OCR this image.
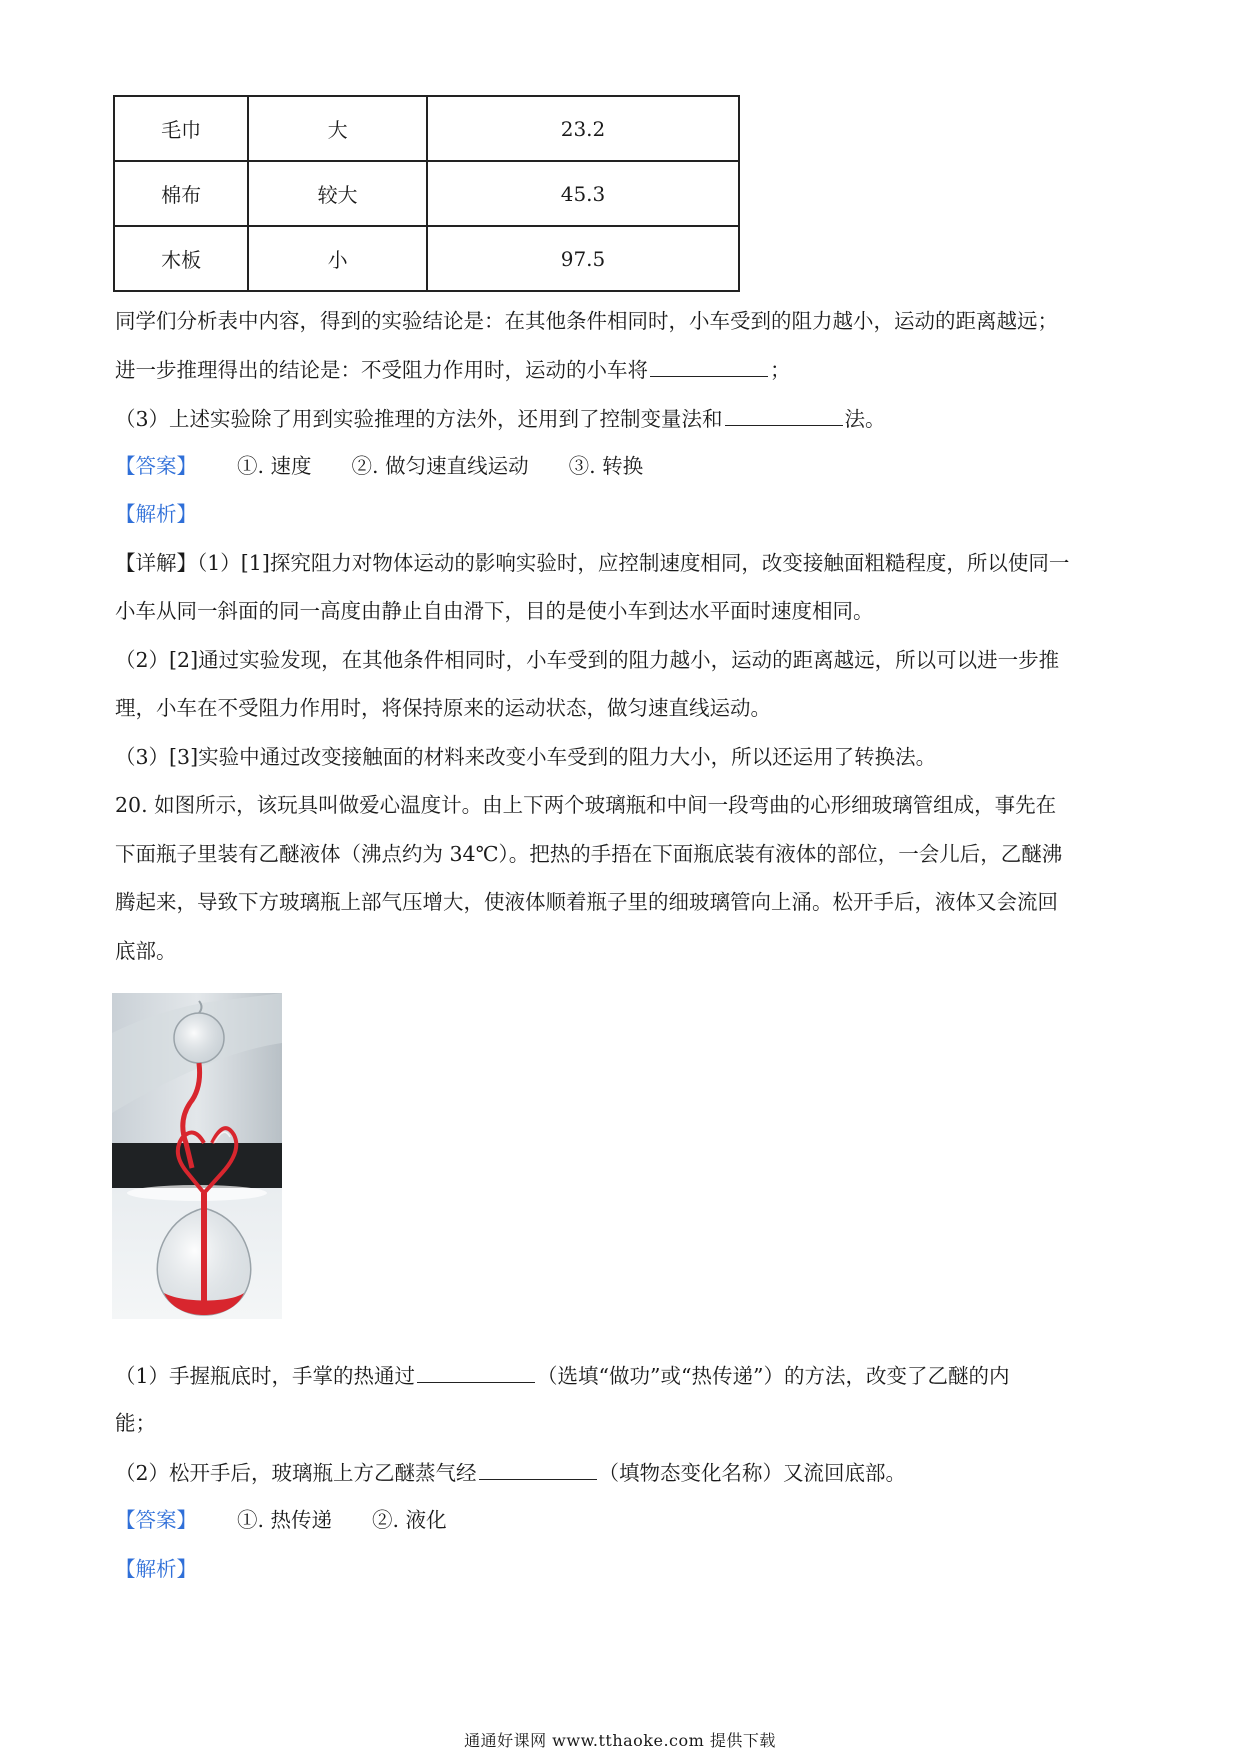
毛巾	大	23.2
棉布	较大	45.3
木板	小	97.5
同学们分析表中内容，得到的实验结论是：在其他条件相同时，小车受到的阻力越小，运动的距离越远；
进一步推理得出的结论是：不受阻力作用时，运动的小车将	；
（3）上述实验除了用到实验推理的方法外，还用到了控制变量法和	法。
【答案】 ①. 速度 ②. 做匀速直线运动 ③. 转换
【解析】
【详解】（1）[1]探究阻力对物体运动的影响实验时，应控制速度相同，改变接触面粗糙程度，所以使同一
小车从同一斜面的同一高度由静止自由滑下，目的是使小车到达水平面时速度相同。
（2）[2]通过实验发现，在其他条件相同时，小车受到的阻力越小，运动的距离越远，所以可以进一步推
理，小车在不受阻力作用时，将保持原来的运动状态，做匀速直线运动。
（3）[3]实验中通过改变接触面的材料来改变小车受到的阻力大小，所以还运用了转换法。
20. 如图所示，该玩具叫做爱心温度计。由上下两个玻璃瓶和中间一段弯曲的心形细玻璃管组成，事先在
下面瓶子里装有乙醚液体（沸点约为 34℃）。把热的手捂在下面瓶底装有液体的部位，一会儿后，乙醚沸
腾起来，导致下方玻璃瓶上部气压增大，使液体顺着瓶子里的细玻璃管向上涌。松开手后，液体又会流回
底部。
（1）手握瓶底时，手掌的热通过	（选填“做功”或“热传递”）的方法，改变了乙醚的内
能；
（2）松开手后，玻璃瓶上方乙醚蒸气经	（填物态变化名称）又流回底部。
【答案】 ①. 热传递 ②. 液化
【解析】
通通好课网 www.tthaoke.com 提供下载
